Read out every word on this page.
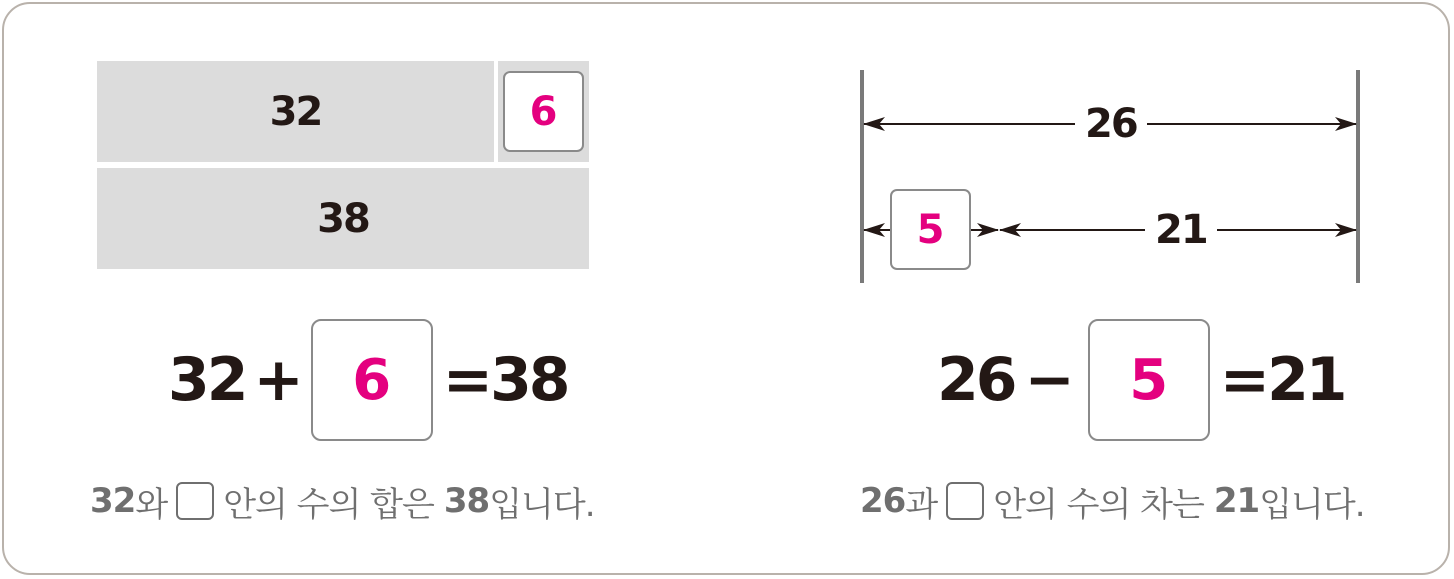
32	6
38
32 + 6 = 38
32 와 안의 수의 합은 38 입니다.
26
21
5
26 − 5 = 21
26 과 안의 수의 차는 21 입니다.
